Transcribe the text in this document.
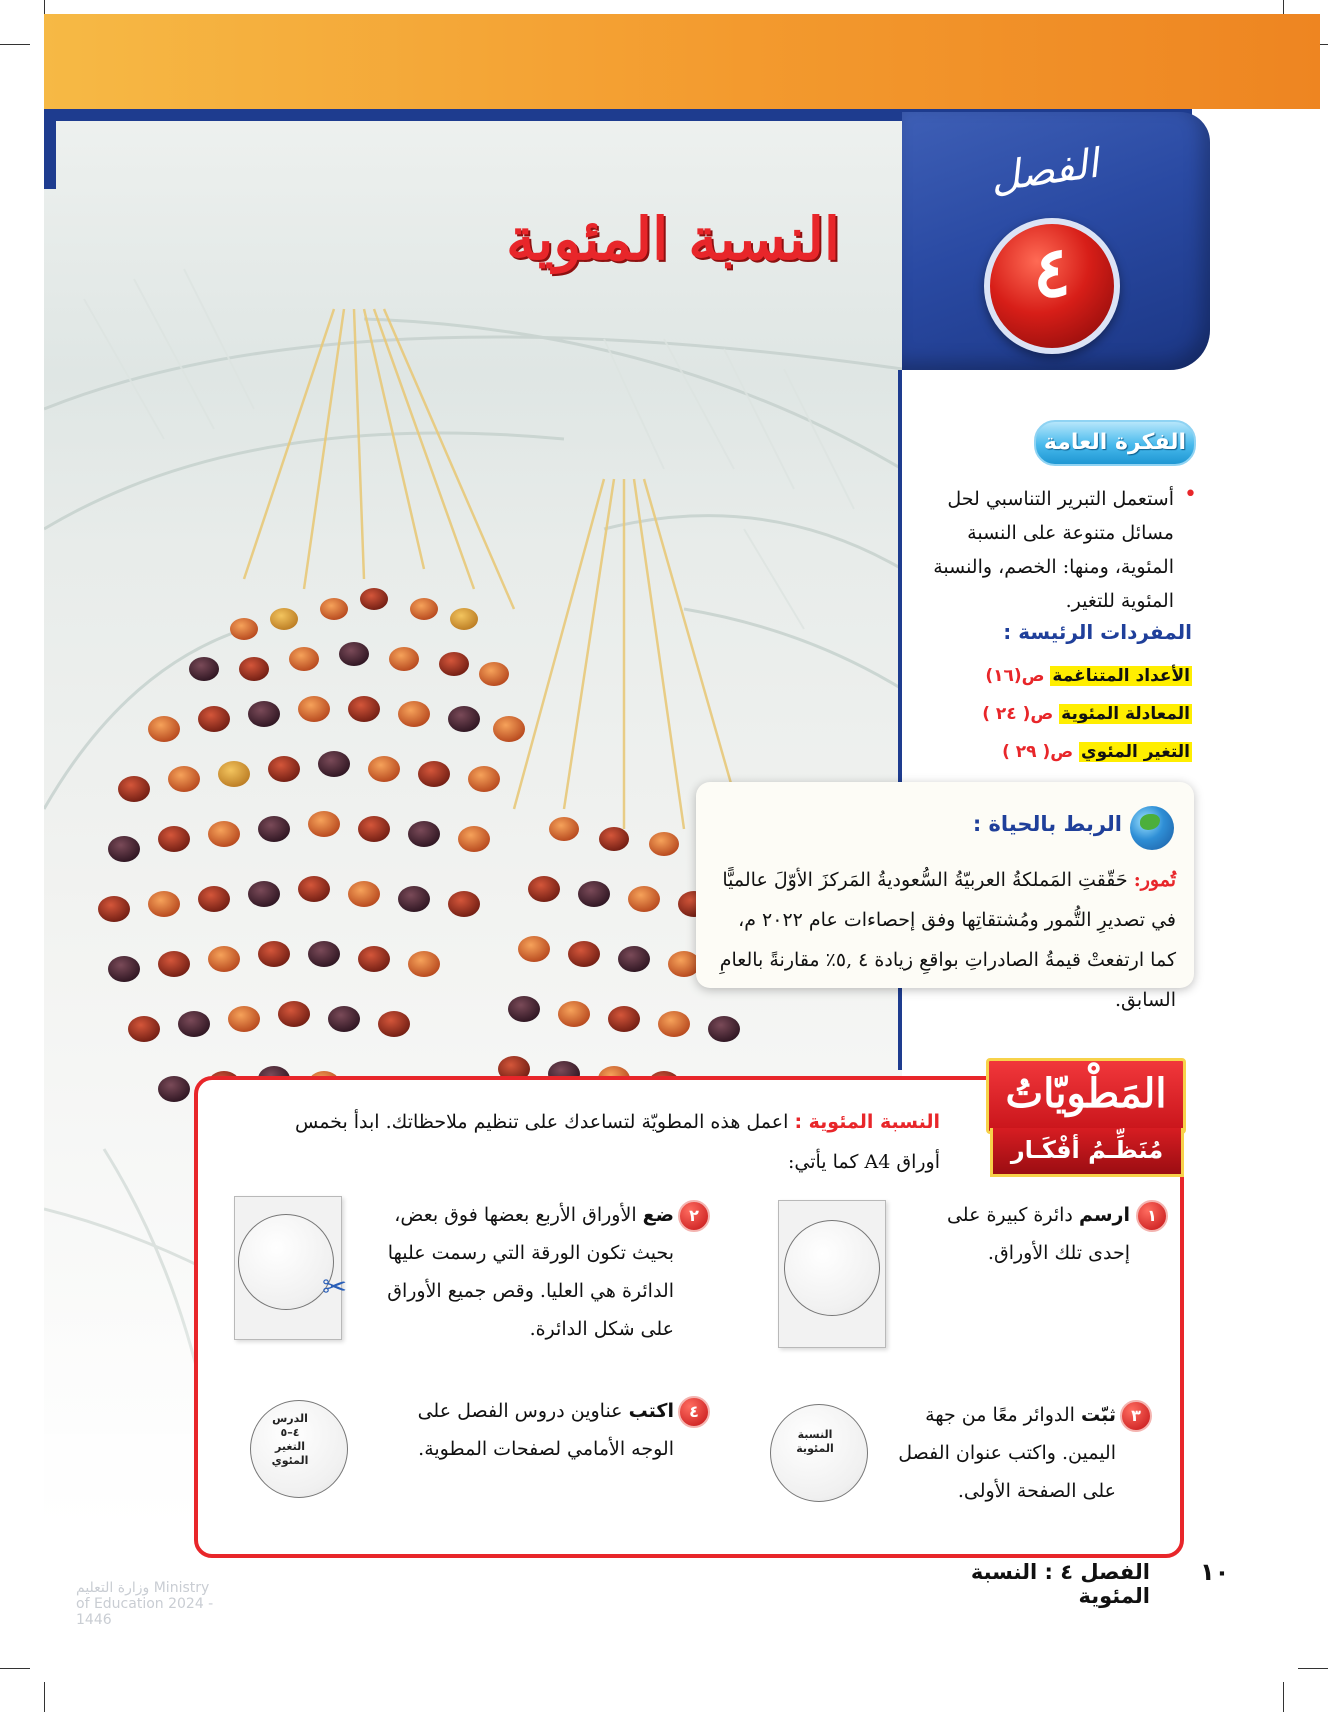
الفصل
٤
النسبة المئوية
الفكرة العامة
•
أستعمل التبرير التناسبي لحل مسائل متنوعة على النسبة المئوية، ومنها: الخصم، والنسبة المئوية للتغير.
المفردات الرئيسة :
الأعداد المتناغمة ص(١٦)
المعادلة المئوية ص( ٢٤ )
التغير المئوي ص( ٢٩ )
الربط بالحياة :
تُمور: حَقّقتِ المَملكةُ العربيّةُ السُّعوديةُ المَركزَ الأوّلَ عالميًّا في تصديرِ التُّمور ومُشتقاتِها وفق إحصاءات عام ٢٠٢٢ م، كما ارتفعتْ قيمةُ الصادراتِ بواقعِ زيادة ٤ ,٥٪ مقارنةً بالعامِ السابق.
المَطْويّاتُ
مُنَظِّـمُ أفْكَـار
النسبة المئوية : اعمل هذه المطويّة لتساعدك على تنظيم ملاحظاتك. ابدأ بخمس أوراق A4 كما يأتي:
١
ارسم دائرة كبيرة على إحدى تلك الأوراق.
٢
ضع الأوراق الأربع بعضها فوق بعض، بحيث تكون الورقة التي رسمت عليها الدائرة هي العليا. وقص جميع الأوراق على شكل الدائرة.
✂
٣
ثبّت الدوائر معًا من جهة اليمين. واكتب عنوان الفصل على الصفحة الأولى.
النسبة المئوية
٤
اكتب عناوين دروس الفصل على الوجه الأمامي لصفحات المطوية.
الدرس ٤–٥ التغير المئوي
الفصل ٤ : النسبة المئوية
١٠
وزارة التعليم Ministry of Education 2024 - 1446
